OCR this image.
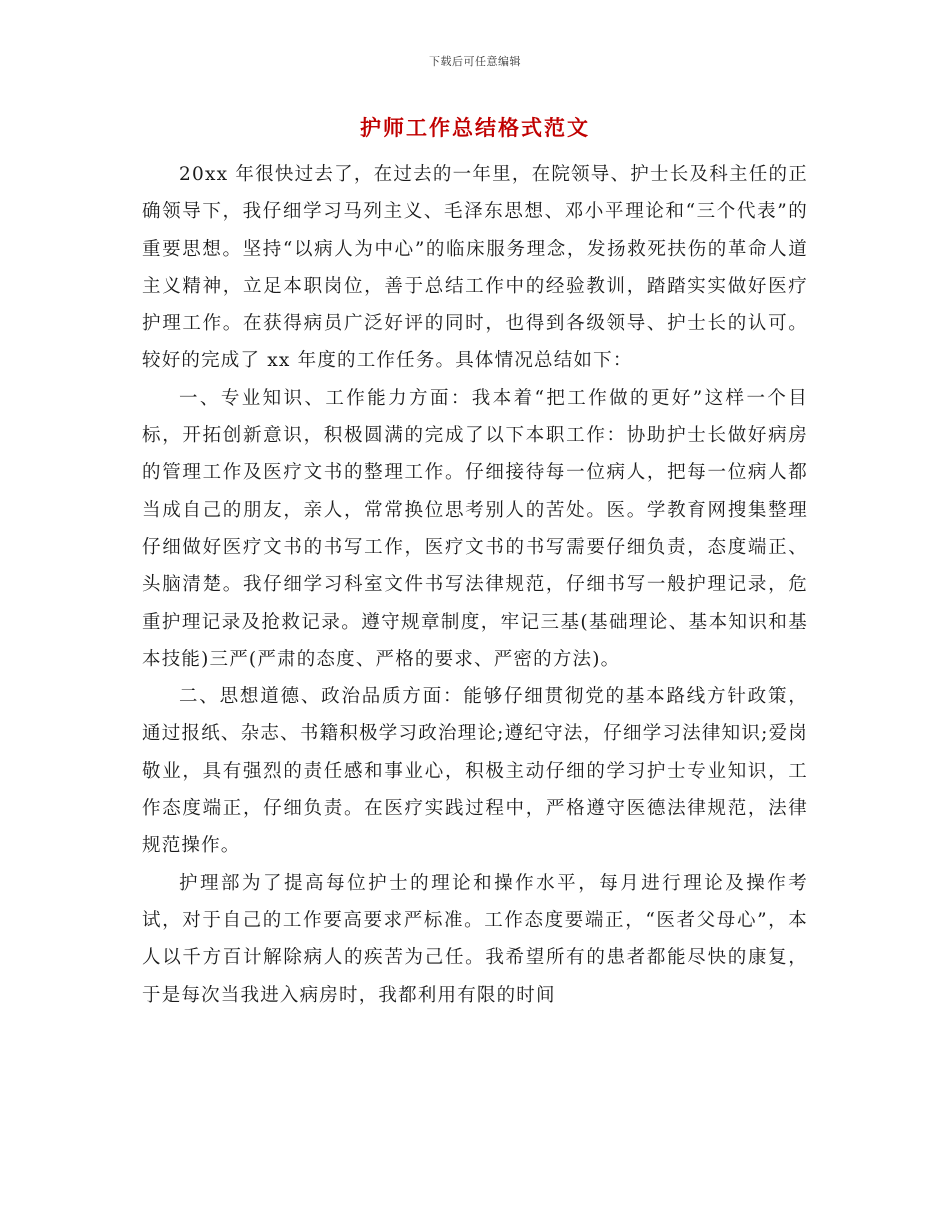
下载后可任意编辑
护师工作总结格式范文

20xx 年很快过去了，在过去的一年里，在院领导、护士长及科主任的正确领导下，我仔细学习马列主义、毛泽东思想、邓小平理论和“三个代表”的重要思想。坚持“以病人为中心”的临床服务理念，发扬救死扶伤的革命人道主义精神，立足本职岗位，善于总结工作中的经验教训，踏踏实实做好医疗护理工作。在获得病员广泛好评的同时，也得到各级领导、护士长的认可。较好的完成了 xx 年度的工作任务。具体情况总结如下：

一、专业知识、工作能力方面：我本着“把工作做的更好”这样一个目标，开拓创新意识，积极圆满的完成了以下本职工作：协助护士长做好病房的管理工作及医疗文书的整理工作。仔细接待每一位病人，把每一位病人都当成自己的朋友，亲人，常常换位思考别人的苦处。医。学教育网搜集整理仔细做好医疗文书的书写工作，医疗文书的书写需要仔细负责，态度端正、头脑清楚。我仔细学习科室文件书写法律规范，仔细书写一般护理记录，危重护理记录及抢救记录。遵守规章制度，牢记三基(基础理论、基本知识和基本技能)三严(严肃的态度、严格的要求、严密的方法)。

二、思想道德、政治品质方面：能够仔细贯彻党的基本路线方针政策，通过报纸、杂志、书籍积极学习政治理论;遵纪守法，仔细学习法律知识;爱岗敬业，具有强烈的责任感和事业心，积极主动仔细的学习护士专业知识，工作态度端正，仔细负责。在医疗实践过程中，严格遵守医德法律规范，法律规范操作。

护理部为了提高每位护士的理论和操作水平，每月进行理论及操作考试，对于自己的工作要高要求严标准。工作态度要端正，“医者父母心”，本人以千方百计解除病人的疾苦为己任。我希望所有的患者都能尽快的康复，于是每次当我进入病房时，我都利用有限的时间
